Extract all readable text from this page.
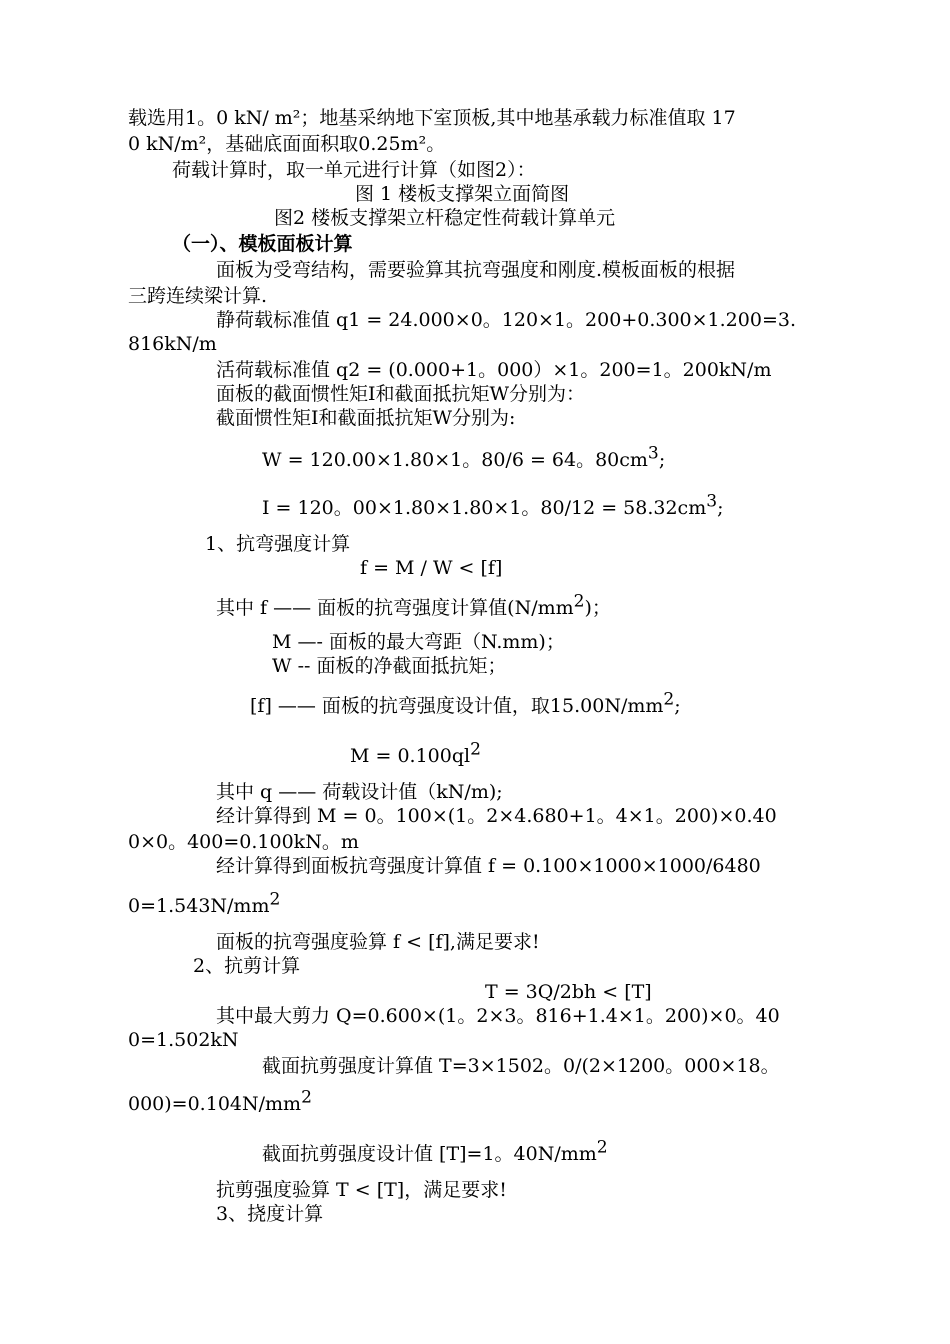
载选用1。0 kN/ m²；地基采纳地下室顶板,其中地基承载力标准值取 17
0 kN/m²，基础底面面积取0.25m²。
荷载计算时，取一单元进行计算（如图2）：
图 1 楼板支撑架立面简图
图2 楼板支撑架立杆稳定性荷载计算单元
（一）、模板面板计算
面板为受弯结构，需要验算其抗弯强度和刚度.模板面板的根据
三跨连续梁计算.
静荷载标准值 q1 = 24.000×0。120×1。200+0.300×1.200=3.
816kN/m
活荷载标准值 q2 = (0.000+1。000）×1。200=1。200kN/m
面板的截面惯性矩I和截面抵抗矩W分别为：
截面惯性矩I和截面抵抗矩W分别为:
W = 120.00×1.80×1。80/6 = 64。$80cm^3$;
I = 120。00×1.80×1.80×1。$80/12 = 58.32cm^3$;
1、抗弯强度计算
f = M / W < [f]
其中 f —— 面板的抗弯强度计算值$(N/mm^2)$；
M —- 面板的最大弯距（N.mm)；
W -- 面板的净截面抵抗矩；
[f] —— 面板的抗弯强度设计值，取$15.00N/mm^2$;
$M = 0.100ql^2$
其中 q —— 荷载设计值（kN/m);
经计算得到 M = 0。100×(1。2×4.680+1。4×1。200)×0.40
0×0。400=0.100kN。m
经计算得到面板抗弯强度计算值 f = 0.100×1000×1000/6480
$0=1.543N/mm^2$
面板的抗弯强度验算 f < [f],满足要求!
2、抗剪计算
T = 3Q/2bh < [T]
其中最大剪力 Q=0.600×(1。2×3。816+1.4×1。200)×0。40
0=1.502kN
截面抗剪强度计算值 T=3×1502。0/(2×1200。000×18。
$000)=0.104N/mm^2$
截面抗剪强度设计值 [T]=1。$40N/mm^2$
抗剪强度验算 T < [T]，满足要求!
3、挠度计算
